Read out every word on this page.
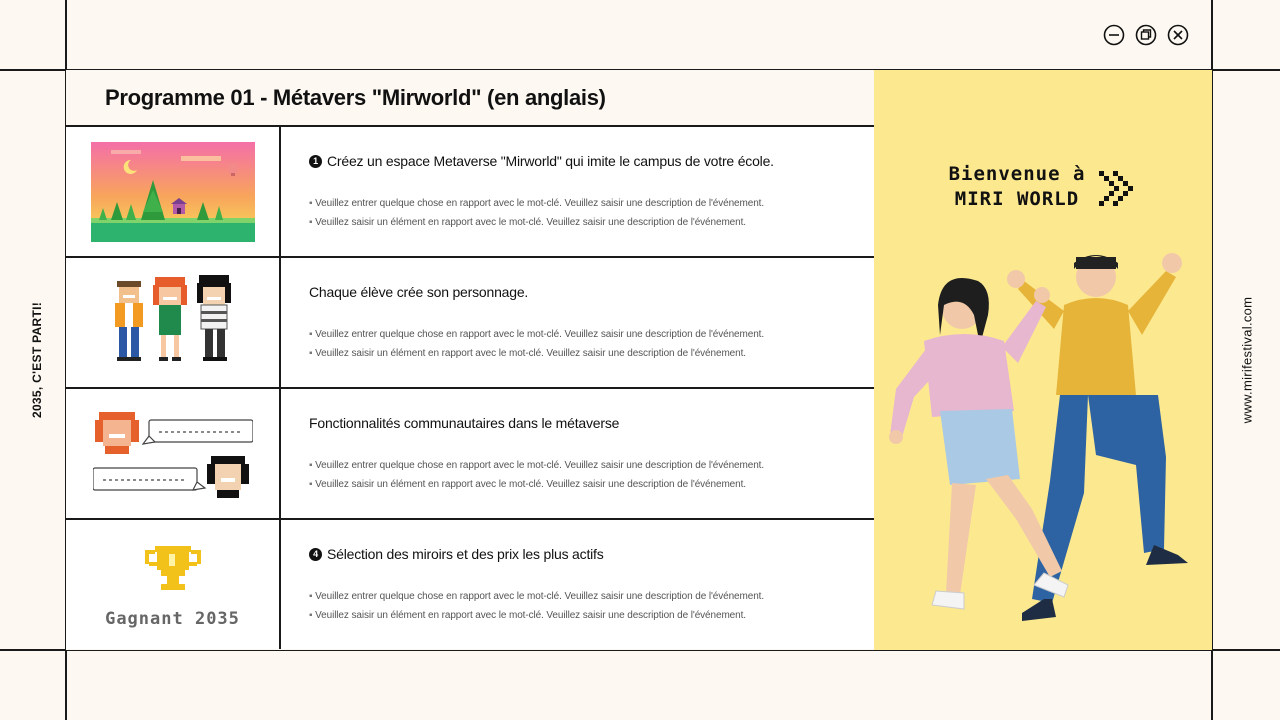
2035, C'EST PARTI!	www.mirifestival.com
Programme 01 - Métavers "Mirworld" (en anglais)
1 Créez un espace Metaverse "Mirworld" qui imite le campus de votre école.
▪ Veuillez entrer quelque chose en rapport avec le mot-clé. Veuillez saisir une description de l'événement.
▪ Veuillez saisir un élément en rapport avec le mot-clé. Veuillez saisir une description de l'événement.
Chaque élève crée son personnage.
▪ Veuillez entrer quelque chose en rapport avec le mot-clé. Veuillez saisir une description de l'événement.
▪ Veuillez saisir un élément en rapport avec le mot-clé. Veuillez saisir une description de l'événement.
Fonctionnalités communautaires dans le métaverse
▪ Veuillez entrer quelque chose en rapport avec le mot-clé. Veuillez saisir une description de l'événement.
▪ Veuillez saisir un élément en rapport avec le mot-clé. Veuillez saisir une description de l'événement.
Gagnant 2035
4 Sélection des miroirs et des prix les plus actifs
▪ Veuillez entrer quelque chose en rapport avec le mot-clé. Veuillez saisir une description de l'événement.
▪ Veuillez saisir un élément en rapport avec le mot-clé. Veuillez saisir une description de l'événement.
Bienvenue à
MIRI WORLD
